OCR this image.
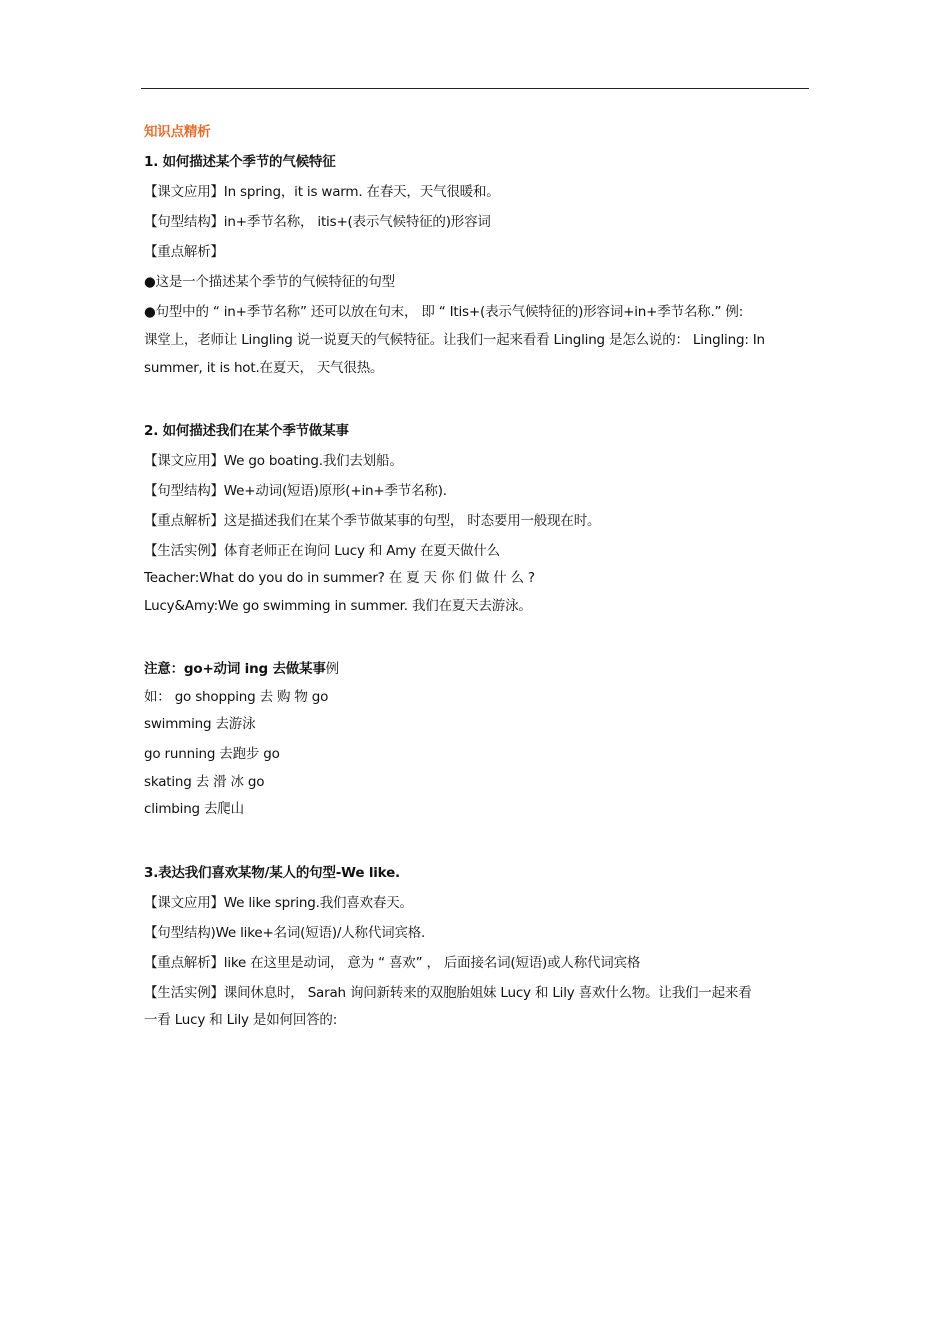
知识点精析
1. 如何描述某个季节的气候特征
【课文应用】In spring，it is warm. 在春天，天气很暖和。
【句型结构】in+季节名称， itis+(表示气候特征的)形容词
【重点解析】
●这是一个描述某个季节的气候特征的句型
●句型中的 “ in+季节名称” 还可以放在句末， 即 “ Itis+(表示气候特征的)形容词+in+季节名称.” 例:
课堂上，老师让 Lingling 说一说夏天的气候特征。让我们一起来看看 Lingling 是怎么说的： Lingling: In
summer, it is hot.在夏天， 天气很热。
2. 如何描述我们在某个季节做某事
【课文应用】We go boating.我们去划船。
【句型结构】We+动词(短语)原形(+in+季节名称).
【重点解析】这是描述我们在某个季节做某事的句型， 时态要用一般现在时。
【生活实例】体育老师正在询问 Lucy 和 Amy 在夏天做什么
Teacher:What do you do in summer? 在 夏 天 你 们 做 什 么 ?
Lucy&Amy:We go swimming in summer. 我们在夏天去游泳。
注意：go+动词 ing 去做某事例
如： go shopping 去 购 物 go
swimming 去游泳
go running 去跑步 go
skating 去 滑 冰 go
climbing 去爬山
3.表达我们喜欢某物/某人的句型-We like.
【课文应用】We like spring.我们喜欢春天。
【句型结构)We like+名词(短语)/人称代词宾格.
【重点解析】like 在这里是动词， 意为 “ 喜欢” ， 后面接名词(短语)或人称代词宾格
【生活实例】课间休息时， Sarah 询问新转来的双胞胎姐妹 Lucy 和 Lily 喜欢什么物。让我们一起来看
一看 Lucy 和 Lily 是如何回答的:
